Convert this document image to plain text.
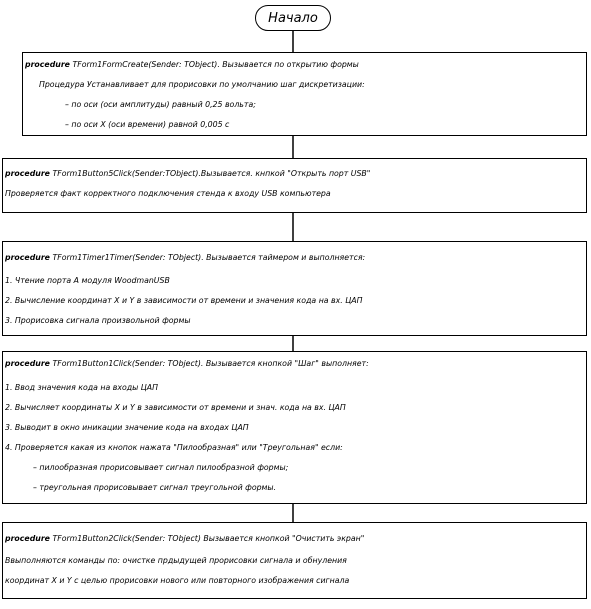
Начало
procedure TForm1FormCreate(Sender: TObject). Вызывается по открытию формы
Процедура Устанавливает для прорисовки по умолчанию шаг дискретизации:
– по оси (оси амплитуды) равный 0,25 вольта;
– по оси X (оси времени) равной 0,005 с
procedure TForm1Button5Click(Sender:TObject).Вызывается. кнпкой "Открыть порт USB"
Проверяется факт корректного подключения стенда к входу USB компьютера
procedure TForm1Timer1Timer(Sender: TObject). Вызывается таймером и выполняется:
1. Чтение порта А модуля WoodmanUSB
2. Вычисление координат X и Y в зависимости от времени и значения кода на вх. ЦАП
3. Прорисовка сигнала произвольной формы
procedure TForm1Button1Click(Sender: TObject). Вызывается кнопкой "Шаг" выполняет:
1. Ввод значения кода на входы ЦАП
2. Вычисляет координаты X и Y в зависимости от времени и знач. кода на вх. ЦАП
3. Выводит в окно иникации значение кода на входах ЦАП
4. Проверяется какая из кнопок нажата "Пилообразная" или "Треугольная" если:
– пилообразная прорисовывает сигнал пилообразной формы;
– треугольная прорисовывает сигнал треугольной формы.
procedure TForm1Button2Click(Sender: TObject) Вызывается кнопкой "Очистить экран"
Ввыполняются команды по: очистке прдыдущей прорисовки сигнала и обнуления
координат X и Y с целью прорисовки нового или повторного изображения сигнала
